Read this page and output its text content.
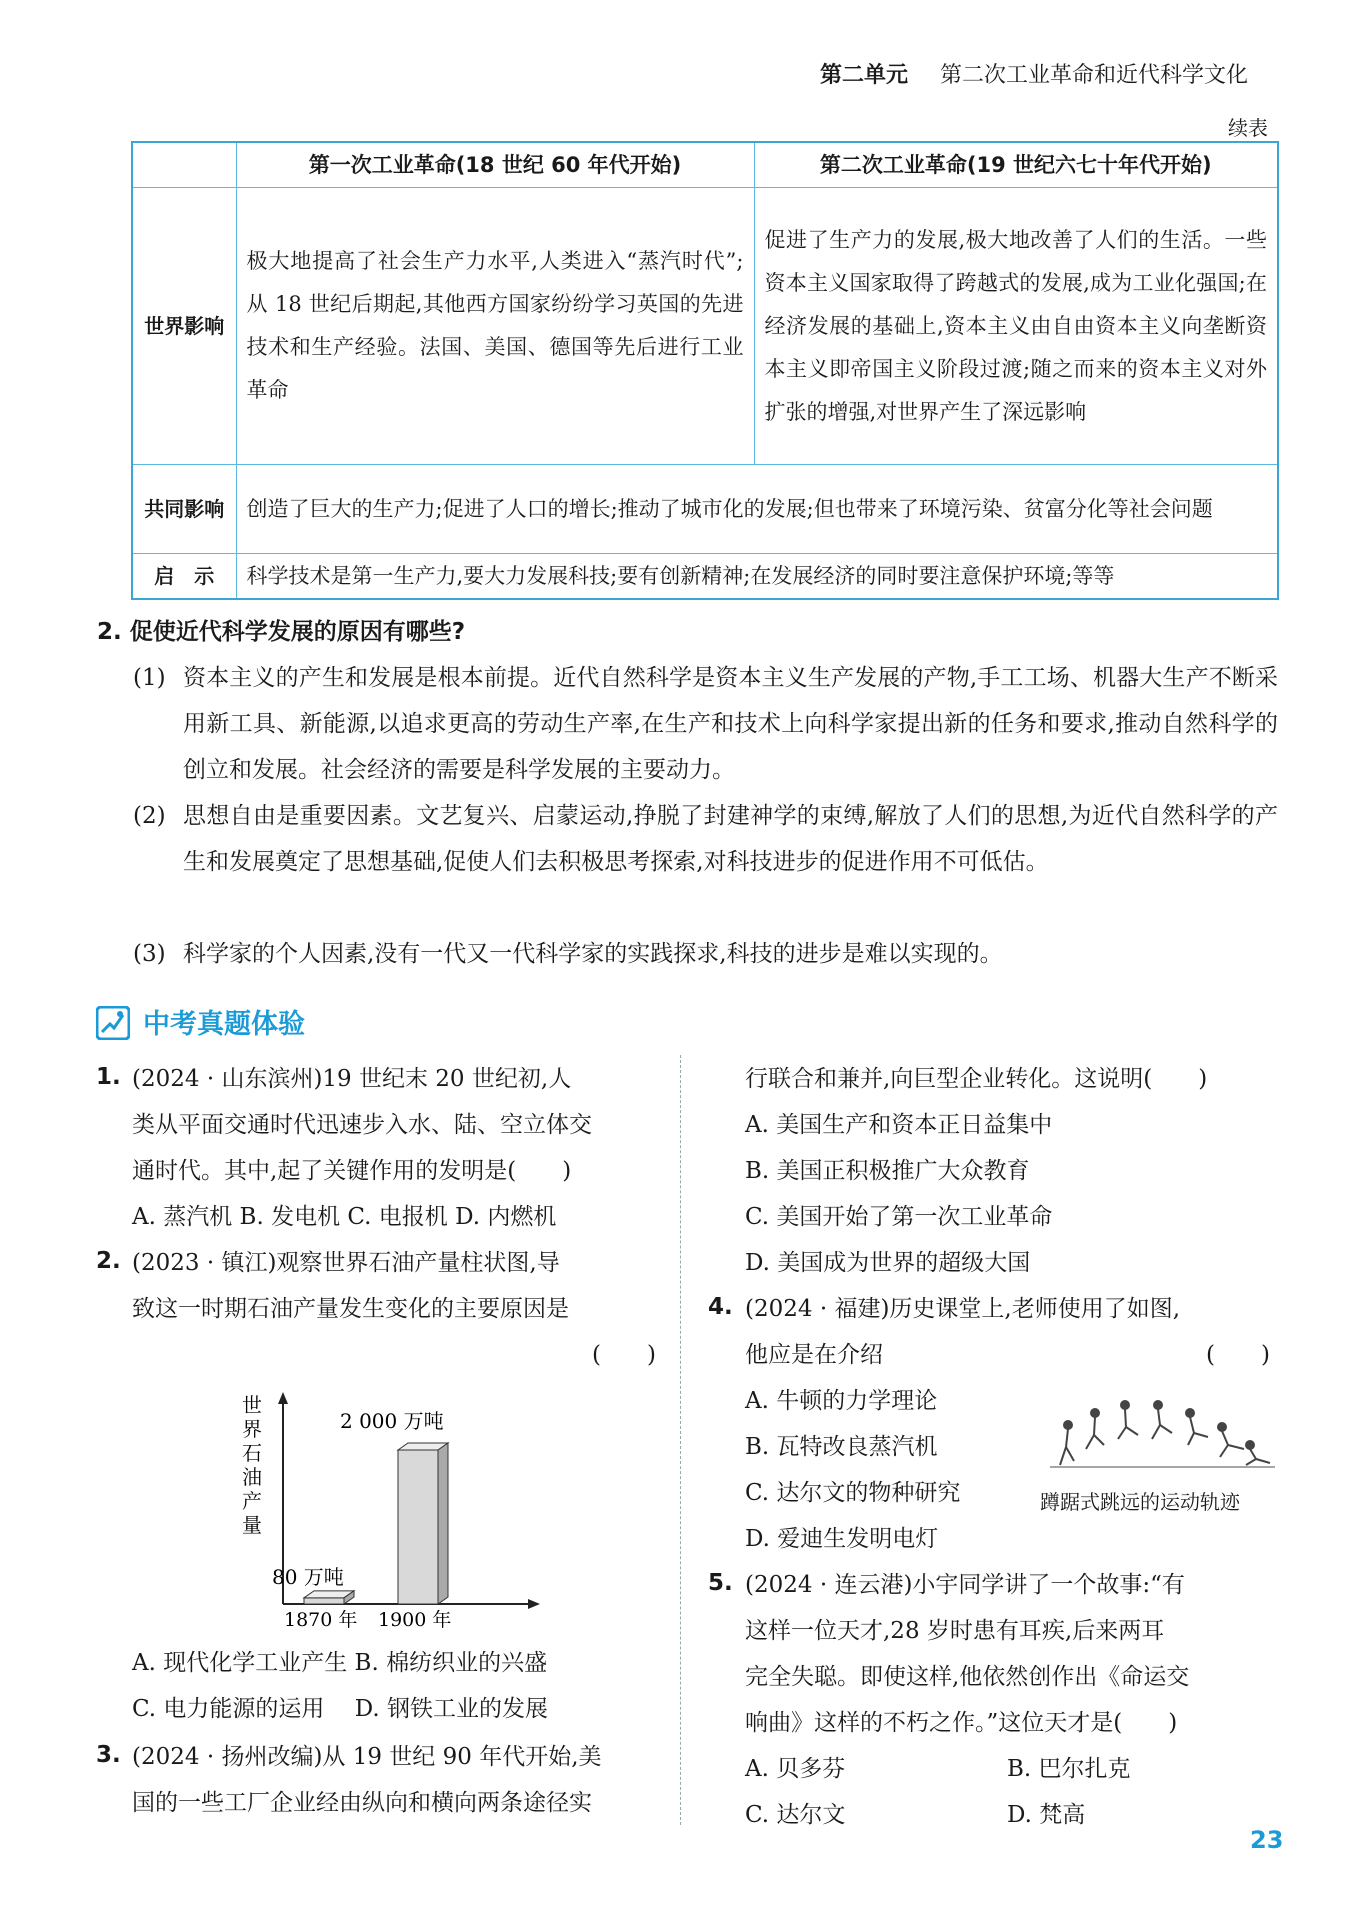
第二单元 第二次工业革命和近代科学文化
续表
	第一次工业革命(18 世纪 60 年代开始)	第二次工业革命(19 世纪六七十年代开始)
世界影响	极大地提高了社会生产力水平,人类进入“蒸汽时代”;从 18 世纪后期起,其他西方国家纷纷学习英国的先进技术和生产经验。法国、美国、德国等先后进行工业革命	促进了生产力的发展,极大地改善了人们的生活。一些资本主义国家取得了跨越式的发展,成为工业化强国;在经济发展的基础上,资本主义由自由资本主义向垄断资本主义即帝国主义阶段过渡;随之而来的资本主义对外扩张的增强,对世界产生了深远影响
共同影响	创造了巨大的生产力;促进了人口的增长;推动了城市化的发展;但也带来了环境污染、贫富分化等社会问题	
启　示	科学技术是第一生产力,要大力发展科技;要有创新精神;在发展经济的同时要注意保护环境;等等	
2. 促使近代科学发展的原因有哪些?
(1) 资本主义的产生和发展是根本前提。近代自然科学是资本主义生产发展的产物,手工工场、机器大生产不断采用新工具、新能源,以追求更高的劳动生产率,在生产和技术上向科学家提出新的任务和要求,推动自然科学的创立和发展。社会经济的需要是科学发展的主要动力。
(2) 思想自由是重要因素。文艺复兴、启蒙运动,挣脱了封建神学的束缚,解放了人们的思想,为近代自然科学的产生和发展奠定了思想基础,促使人们去积极思考探索,对科技进步的促进作用不可低估。
(3) 科学家的个人因素,没有一代又一代科学家的实践探求,科技的进步是难以实现的。
中考真题体验
1. (2024 · 山东滨州)19 世纪末 20 世纪初,人
类从平面交通时代迅速步入水、陆、空立体交
通时代。其中,起了关键作用的发明是(　　)
A. 蒸汽机 B. 发电机 C. 电报机 D. 内燃机
2. (2023 · 镇江)观察世界石油产量柱状图,导
致这一时期石油产量发生变化的主要原因是
(　　)
世界石油产量
80 万吨
1870 年
2 000 万吨
1900 年
A. 现代化学工业产生 B. 棉纺织业的兴盛
C. 电力能源的运用　 D. 钢铁工业的发展
3. (2024 · 扬州改编)从 19 世纪 90 年代开始,美
国的一些工厂企业经由纵向和横向两条途径实
行联合和兼并,向巨型企业转化。这说明(　　)
A. 美国生产和资本正日益集中
B. 美国正积极推广大众教育
C. 美国开始了第一次工业革命
D. 美国成为世界的超级大国
4. (2024 · 福建)历史课堂上,老师使用了如图,
他应是在介绍	(　　)
A. 牛顿的力学理论
B. 瓦特改良蒸汽机
C. 达尔文的物种研究
D. 爱迪生发明电灯
蹲踞式跳远的运动轨迹
5. (2024 · 连云港)小宇同学讲了一个故事:“有
这样一位天才,28 岁时患有耳疾,后来两耳
完全失聪。即使这样,他依然创作出《命运交
响曲》这样的不朽之作。”这位天才是(　　)
A. 贝多芬	B. 巴尔扎克
C. 达尔文	D. 梵高
23
